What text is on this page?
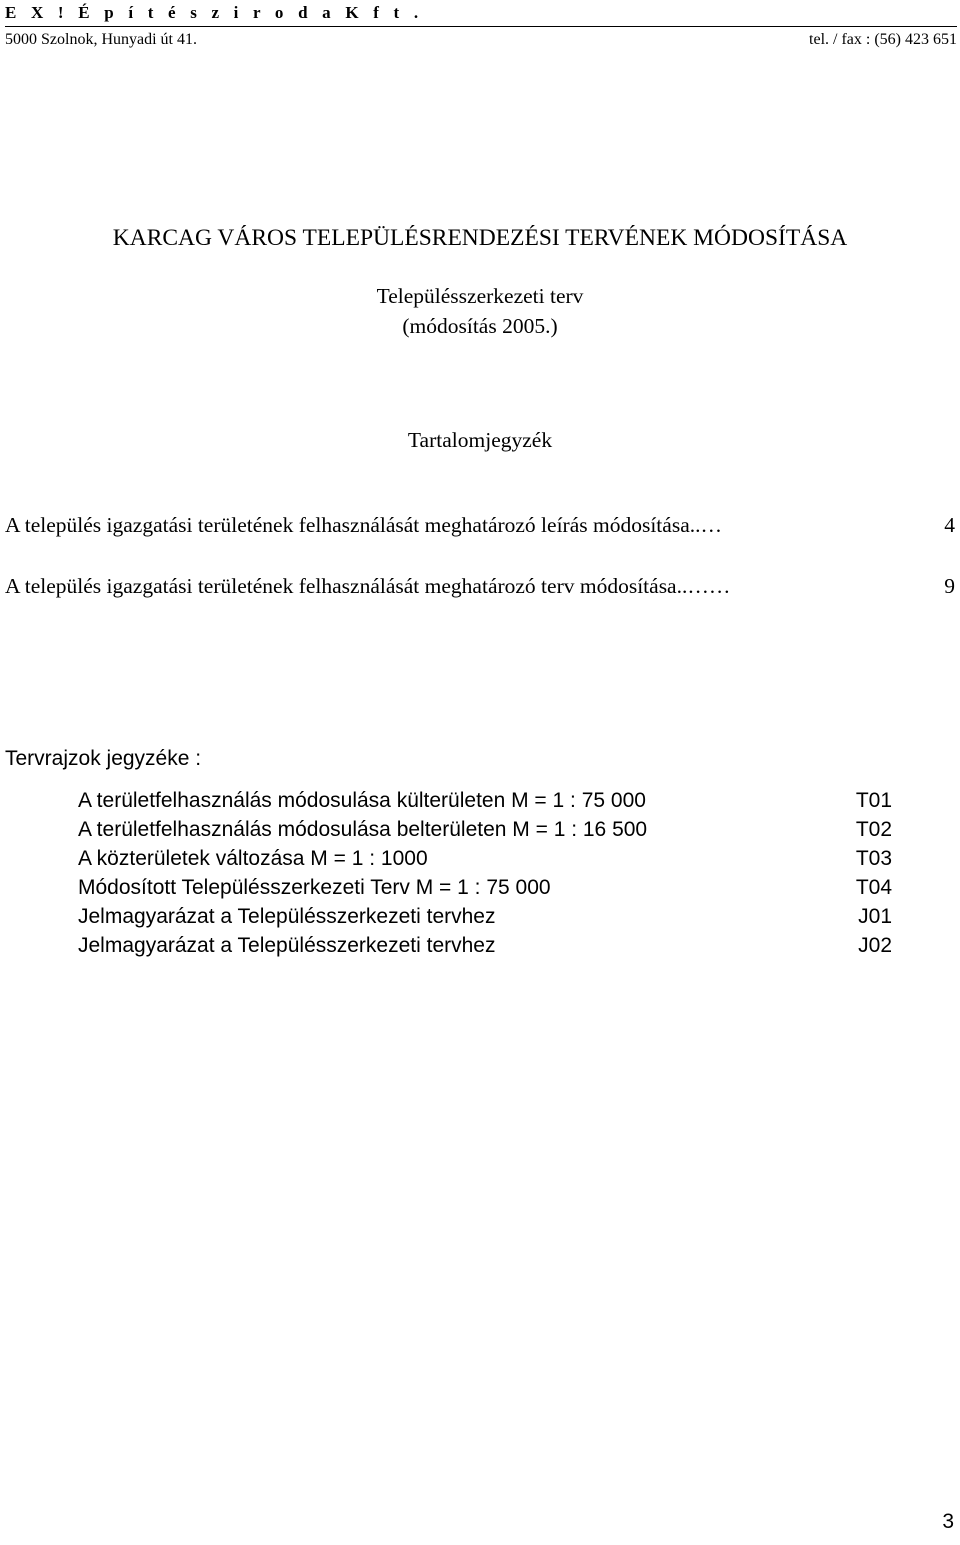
E X ! É p í t é s z i r o d a K f t .
5000 Szolnok, Hunyadi út 41.	tel. / fax : (56) 423 651
KARCAG VÁROS TELEPÜLÉSRENDEZÉSI TERVÉNEK MÓDOSÍTÁSA
Településszerkezeti terv
(módosítás 2005.)
Tartalomjegyzék
A település igazgatási területének felhasználását meghatározó leírás módosítása..…	4
A település igazgatási területének felhasználását meghatározó terv módosítása..……	9
Tervrajzok jegyzéke :
A területfelhasználás módosulása külterületen M = 1 : 75 000	T01
A területfelhasználás módosulása belterületen M = 1 : 16 500	T02
A közterületek változása M = 1 : 1000	T03
Módosított Településszerkezeti Terv M = 1 : 75 000	T04
Jelmagyarázat a Településszerkezeti tervhez	J01
Jelmagyarázat a Településszerkezeti tervhez	J02
3
